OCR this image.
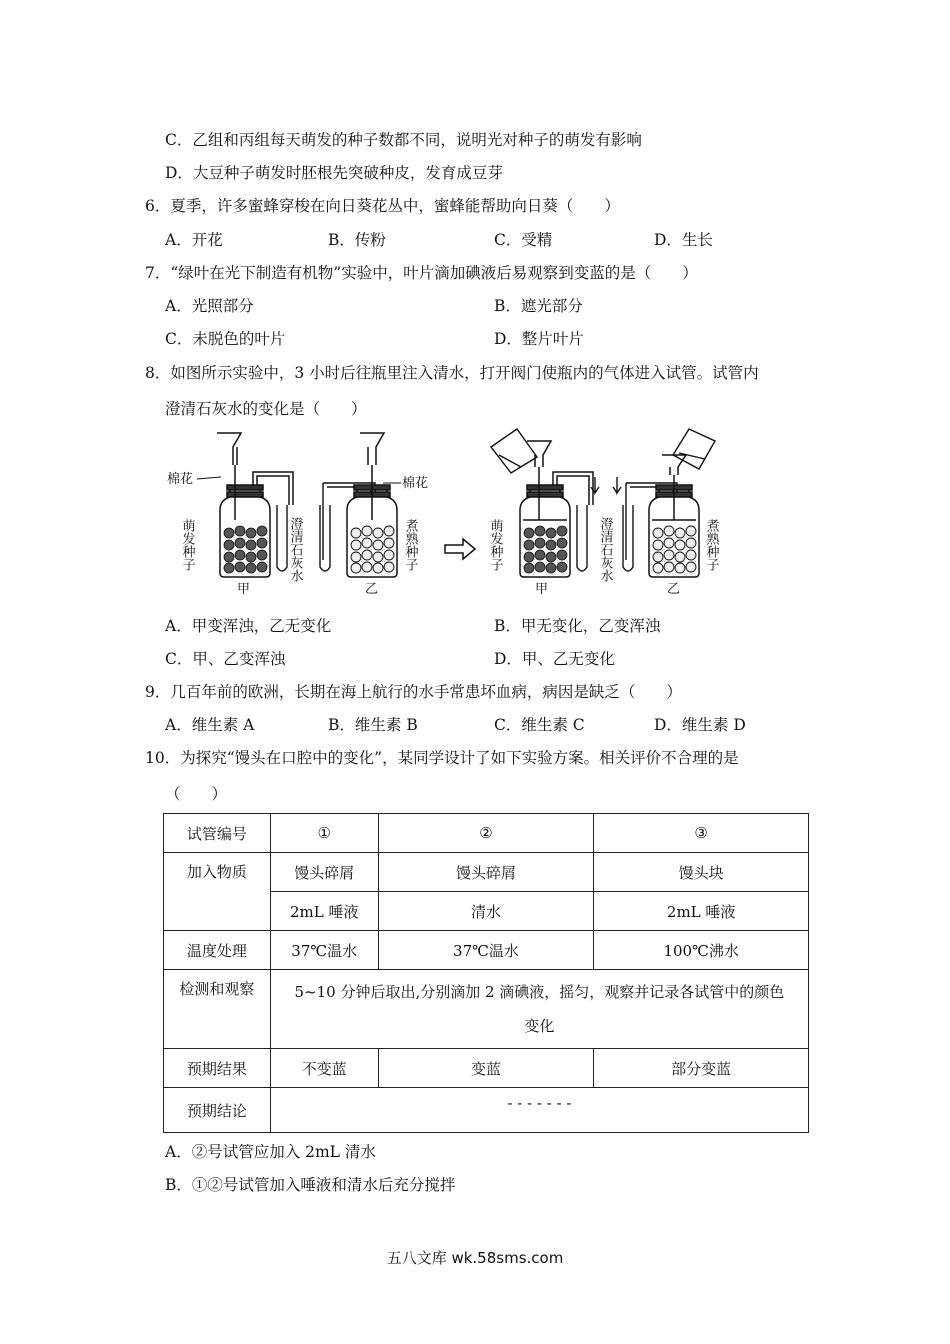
C．乙组和丙组每天萌发的种子数都不同，说明光对种子的萌发有影响
D．大豆种子萌发时胚根先突破种皮，发育成豆芽
6．夏季，许多蜜蜂穿梭在向日葵花丛中，蜜蜂能帮助向日葵（　　）
A．开花	B．传粉	C．受精	D．生长
7．“绿叶在光下制造有机物”实验中，叶片滴加碘液后易观察到变蓝的是（　　）
A．光照部分	B．遮光部分
C．未脱色的叶片	D．整片叶片
8．如图所示实验中，3 小时后往瓶里注入清水，打开阀门使瓶内的气体进入试管。试管内
澄清石灰水的变化是（　　）
棉花	棉花
澄清石灰水
萌发种子	煮熟种子
甲	乙
萌发种子	澄清石灰水	煮熟种子
甲	乙
A．甲变浑浊，乙无变化	B．甲无变化，乙变浑浊
C．甲、乙变浑浊	D．甲、乙无变化
9．几百年前的欧洲，长期在海上航行的水手常患坏血病，病因是缺乏（　　）
A．维生素 A	B．维生素 B	C．维生素 C	D．维生素 D
10．为探究“馒头在口腔中的变化”，某同学设计了如下实验方案。相关评价不合理的是
（　　）
试管编号	①	②	③
加入物质	馒头碎屑	馒头碎屑	馒头块
	2mL 唾液	清水	2mL 唾液
温度处理	37℃温水	37℃温水	100℃沸水
检测和观察	5~10 分钟后取出,分别滴加 2 滴碘液，摇匀，观察并记录各试管中的颜色
变化		

预期结果	不变蓝	变蓝	部分变蓝
预期结论	- - - - - - -		
A．②号试管应加入 2mL 清水
B．①②号试管加入唾液和清水后充分搅拌
五八文库 wk.58sms.com
